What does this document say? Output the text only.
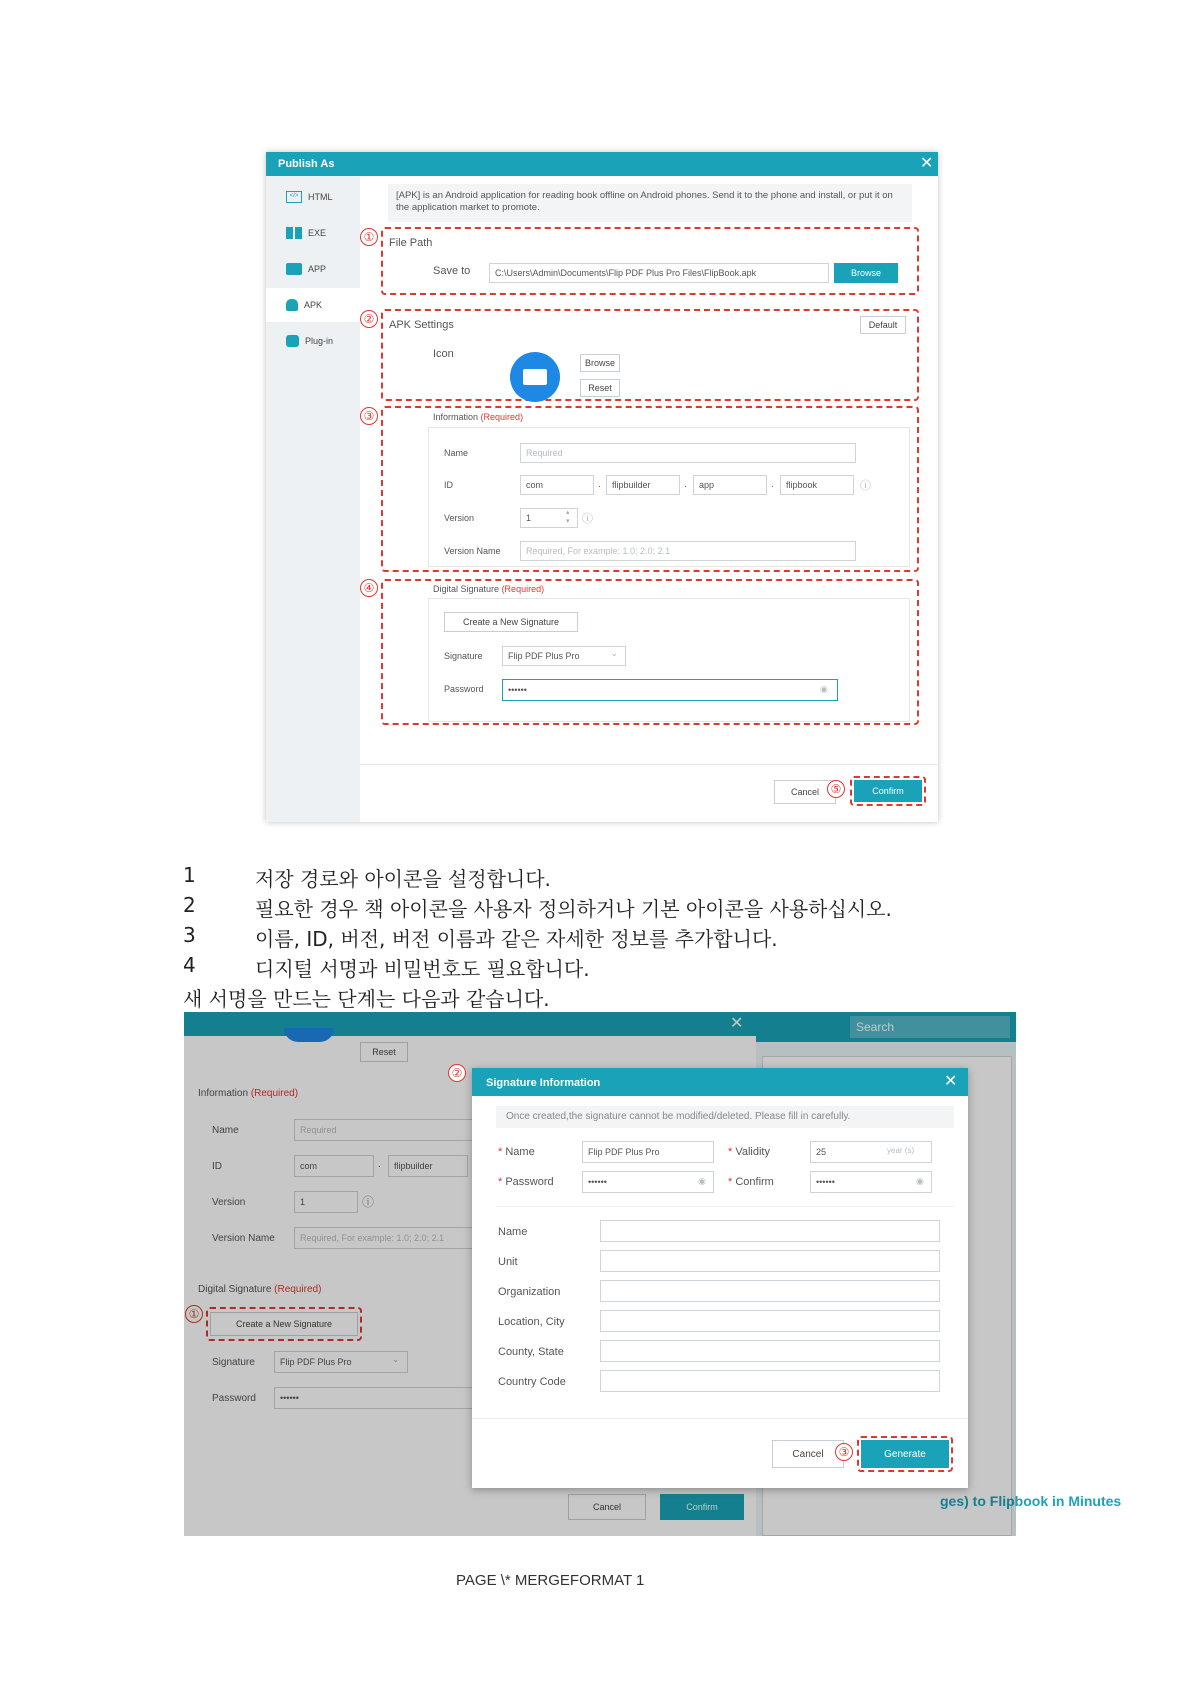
Publish As	✕
</>	HTML
EXE
APP
APK
Plug-in
[APK] is an Android application for reading book offline on Android phones. Send it to the phone and install, or put it on the application market to promote.
①	File Path
Save to	C:\Users\Admin\Documents\Flip PDF Plus Pro Files\FlipBook.apk	Browse
②	APK Settings	Default
Icon
Browse
Reset
③	Information (Required)
Name	Required
ID	com	.	flipbuilder	.	app	.	flipbook	ⓘ
Version	1
▴
▾ ⓘ
Version Name	Required, For example: 1.0; 2.0; 2.1
④	Digital Signature (Required)
Create a New Signature
Signature	Flip PDF Plus Pro	⌄
Password	••••••	◉
Cancel ⑤	Confirm
1	저장 경로와 아이콘을 설정합니다.
2	필요한 경우 책 아이콘을 사용자 정의하거나 기본 아이콘을 사용하십시오.
3	이름, ID, 버전, 버전 이름과 같은 자세한 정보를 추가합니다.
4	디지털 서명과 비밀번호도 필요합니다.
새 서명을 만드는 단계는 다음과 같습니다.
Search
ges) to Flipbook in Minutes
✕
Reset
Information (Required)
Name	Required
ID	com	.	flipbuilder
Version	1	ⓘ
Version Name	Required, For example: 1.0; 2.0; 2.1
Digital Signature (Required)
①
Create a New Signature
Signature	Flip PDF Plus Pro	⌄
Password	••••••
Cancel	Confirm
②
Signature Information	✕
Once created,the signature cannot be modified/deleted. Please fill in carefully.
* Name	Flip PDF Plus Pro	* Validity	25	year (s)
* Password	••••••	◉ * Confirm	••••••	◉
Name
Unit
Organization
Location, City
County, State
Country Code
Cancel	③	Generate
PAGE \* MERGEFORMAT 1
